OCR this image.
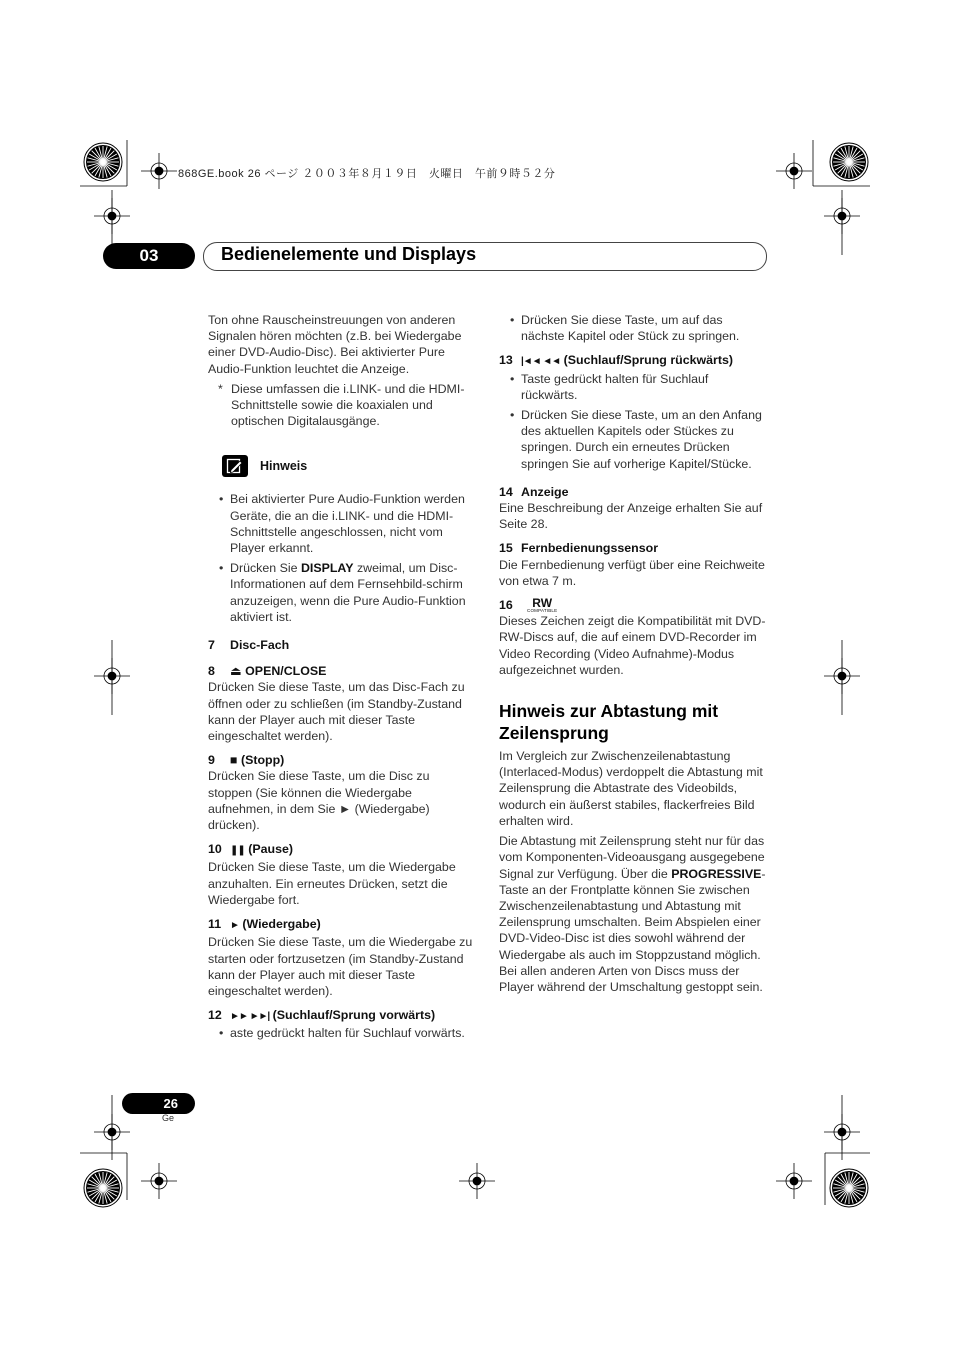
868GE.book 26 ページ ２００３年８月１９日　火曜日　午前９時５２分
03	Bedienelemente und Displays

Ton ohne Rauscheinstreuungen von anderen Signalen hören möchten (z.B. bei Wiedergabe einer DVD-Audio-Disc). Bei aktivierter Pure Audio-Funktion leuchtet die Anzeige.

* Diese umfassen die i.LINK- und die HDMI-Schnittstelle sowie die koaxialen und optischen Digitalausgänge.
Hinweis
• Bei aktivierter Pure Audio-Funktion werden Geräte, die an die i.LINK- und die HDMI-Schnittstelle angeschlossen, nicht vom Player erkannt.
• Drücken Sie DISPLAY zweimal, um Disc-Informationen auf dem Fernsehbild-schirm anzuzeigen, wenn die Pure Audio-Funktion aktiviert ist.
7 Disc-Fach
8 ⏏ OPEN/CLOSE

Drücken Sie diese Taste, um das Disc-Fach zu öffnen oder zu schließen (im Standby-Zustand kann der Player auch mit dieser Taste eingeschaltet werden).

9 ■ (Stopp)

Drücken Sie diese Taste, um die Disc zu stoppen (Sie können die Wiedergabe aufnehmen, in dem Sie ► (Wiedergabe) drücken).

10 ❚❚ (Pause)

Drücken Sie diese Taste, um die Wiedergabe anzuhalten. Ein erneutes Drücken, setzt die Wiedergabe fort.

11 ► (Wiedergabe)

Drücken Sie diese Taste, um die Wiedergabe zu starten oder fortzusetzen (im Standby-Zustand kann der Player auch mit dieser Taste eingeschaltet werden).

12 ►► ►►| (Suchlauf/Sprung vorwärts)
• aste gedrückt halten für Suchlauf vorwärts.
• Drücken Sie diese Taste, um auf das nächste Kapitel oder Stück zu springen.
13 |◄◄ ◄◄ (Suchlauf/Sprung rückwärts)
• Taste gedrückt halten für Suchlauf rückwärts.
• Drücken Sie diese Taste, um an den Anfang des aktuellen Kapitels oder Stückes zu springen. Durch ein erneutes Drücken springen Sie auf vorherige Kapitel/Stücke.
14 Anzeige

Eine Beschreibung der Anzeige erhalten Sie auf Seite 28.

15 Fernbedienungssensor

Die Fernbedienung verfügt über eine Reichweite von etwa 7 m.

16 RW
COMPATIBLE

Dieses Zeichen zeigt die Kompatibilität mit DVD-RW-Discs auf, die auf einem DVD-Recorder im Video Recording (Video Aufnahme)-Modus aufgezeichnet wurden.

Hinweis zur Abtastung mit Zeilensprung

Im Vergleich zur Zwischenzeilenabtastung (Interlaced-Modus) verdoppelt die Abtastung mit Zeilensprung die Abtastrate des Videobilds, wodurch ein äußerst stabiles, flackerfreies Bild erhalten wird.

Die Abtastung mit Zeilensprung steht nur für das vom Komponenten-Videoausgang ausgegebene Signal zur Verfügung. Über die PROGRESSIVE-Taste an der Frontplatte können Sie zwischen Zwischenzeilenabtastung und Abtastung mit Zeilensprung umschalten. Beim Abspielen einer DVD-Video-Disc ist dies sowohl während der Wiedergabe als auch im Stoppzustand möglich. Bei allen anderen Arten von Discs muss der Player während der Umschaltung gestoppt sein.

26
Ge
